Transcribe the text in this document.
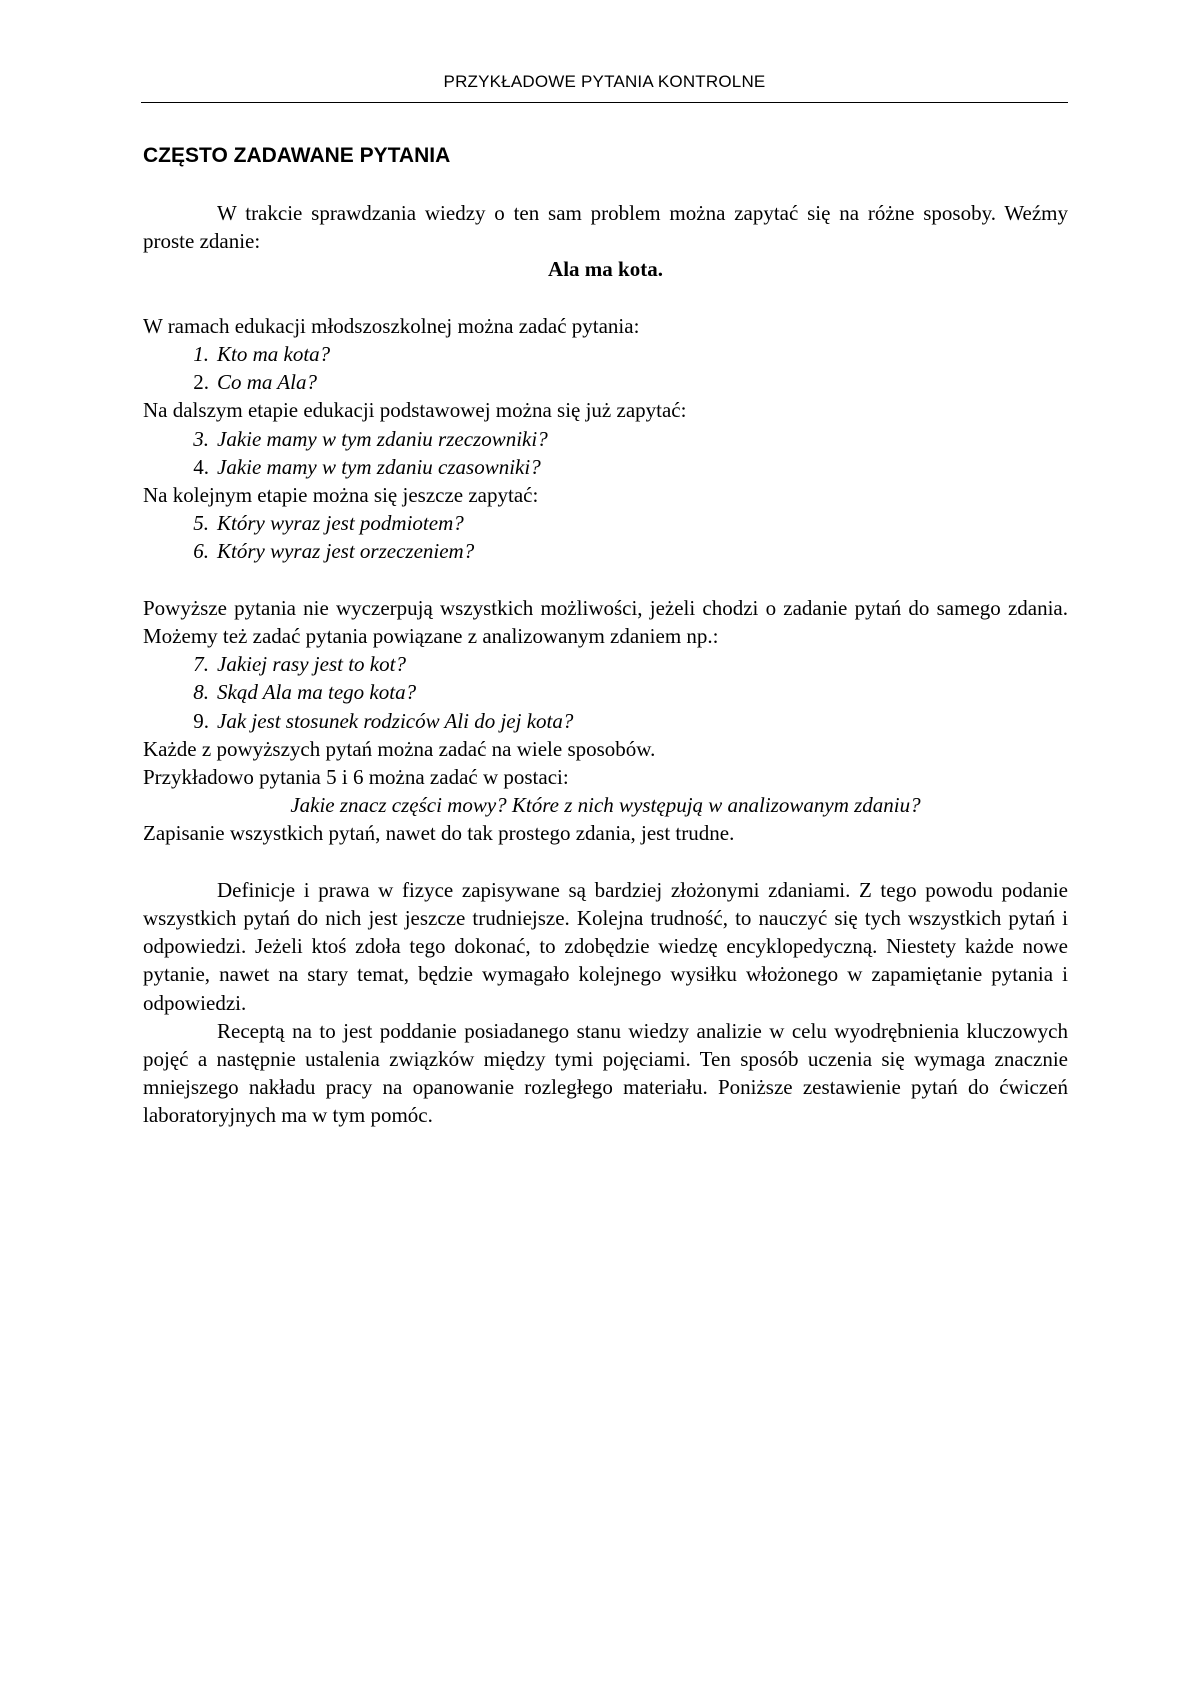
PRZYKŁADOWE PYTANIA KONTROLNE
CZĘSTO ZADAWANE PYTANIA

W trakcie sprawdzania wiedzy o ten sam problem można zapytać się na różne sposoby. Weźmy proste zdanie:

Ala ma kota.

W ramach edukacji młodszoszkolnej można zadać pytania:

1. Kto ma kota?
2. Co ma Ala?

Na dalszym etapie edukacji podstawowej można się już zapytać:

3. Jakie mamy w tym zdaniu rzeczowniki?
4. Jakie mamy w tym zdaniu czasowniki?

Na kolejnym etapie można się jeszcze zapytać:

5. Który wyraz jest podmiotem?
6. Który wyraz jest orzeczeniem?

Powyższe pytania nie wyczerpują wszystkich możliwości, jeżeli chodzi o zadanie pytań do samego zdania. Możemy też zadać pytania powiązane z analizowanym zdaniem np.:

7. Jakiej rasy jest to kot?
8. Skąd Ala ma tego kota?
9. Jak jest stosunek rodziców Ali do jej kota?

Każde z powyższych pytań można zadać na wiele sposobów.

Przykładowo pytania 5 i 6 można zadać w postaci:

Jakie znacz części mowy? Które z nich występują w analizowanym zdaniu?

Zapisanie wszystkich pytań, nawet do tak prostego zdania, jest trudne.

Definicje i prawa w fizyce zapisywane są bardziej złożonymi zdaniami. Z tego powodu podanie wszystkich pytań do nich jest jeszcze trudniejsze. Kolejna trudność, to nauczyć się tych wszystkich pytań i odpowiedzi. Jeżeli ktoś zdoła tego dokonać, to zdobędzie wiedzę encyklopedyczną. Niestety każde nowe pytanie, nawet na stary temat, będzie wymagało kolejnego wysiłku włożonego w zapamiętanie pytania i odpowiedzi.

Receptą na to jest poddanie posiadanego stanu wiedzy analizie w celu wyodrębnienia kluczowych pojęć a następnie ustalenia związków między tymi pojęciami. Ten sposób uczenia się wymaga znacznie mniejszego nakładu pracy na opanowanie rozległego materiału. Poniższe zestawienie pytań do ćwiczeń laboratoryjnych ma w tym pomóc.
